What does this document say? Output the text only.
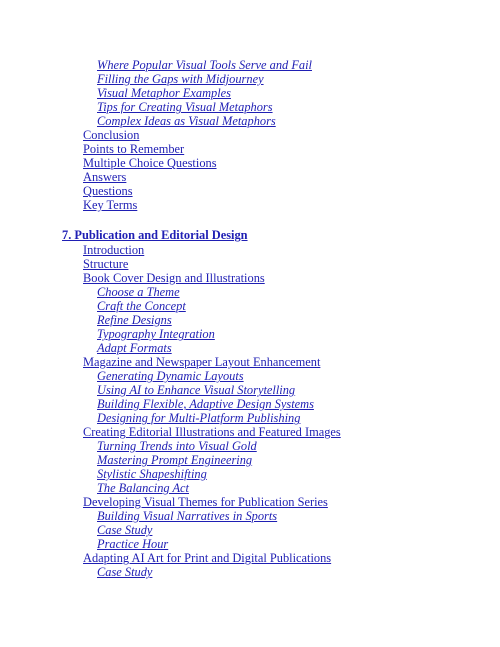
Where Popular Visual Tools Serve and Fail
Filling the Gaps with Midjourney
Visual Metaphor Examples
Tips for Creating Visual Metaphors
Complex Ideas as Visual Metaphors
Conclusion
Points to Remember
Multiple Choice Questions
Answers
Questions
Key Terms
7. Publication and Editorial Design
Introduction
Structure
Book Cover Design and Illustrations
Choose a Theme
Craft the Concept
Refine Designs
Typography Integration
Adapt Formats
Magazine and Newspaper Layout Enhancement
Generating Dynamic Layouts
Using AI to Enhance Visual Storytelling
Building Flexible, Adaptive Design Systems
Designing for Multi-Platform Publishing
Creating Editorial Illustrations and Featured Images
Turning Trends into Visual Gold
Mastering Prompt Engineering
Stylistic Shapeshifting
The Balancing Act
Developing Visual Themes for Publication Series
Building Visual Narratives in Sports
Case Study
Practice Hour
Adapting AI Art for Print and Digital Publications
Case Study
